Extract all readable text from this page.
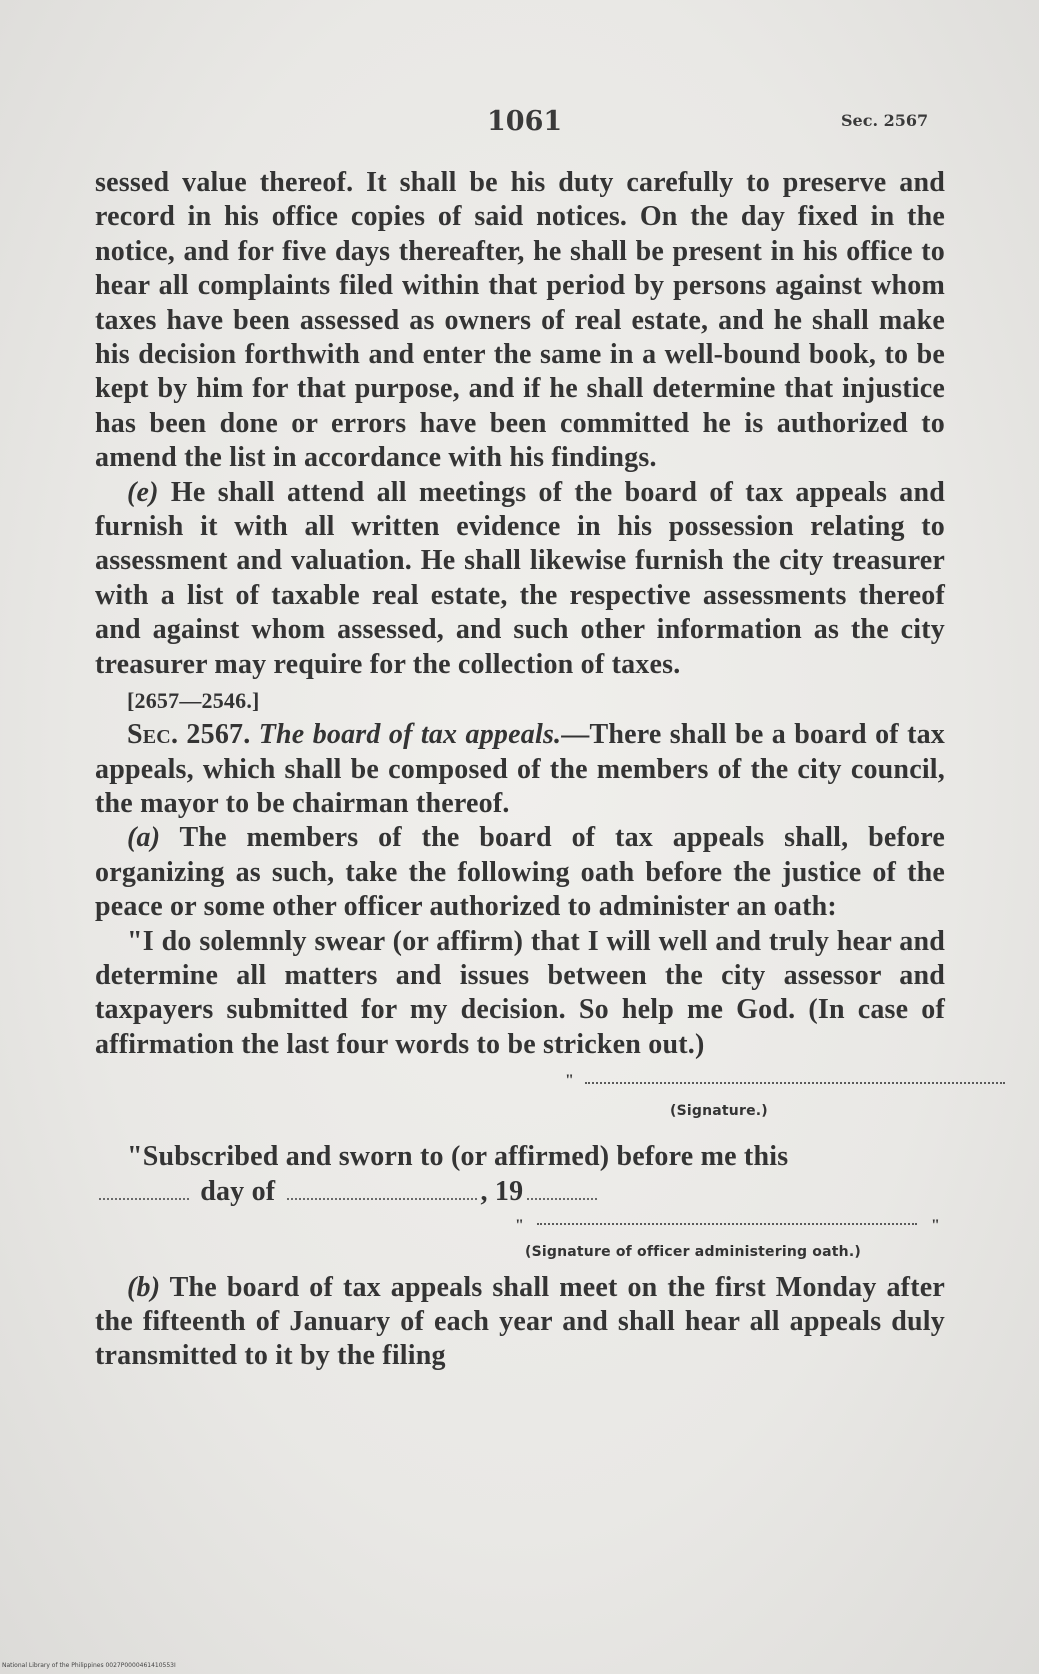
1061	Sec. 2567

sessed value thereof. It shall be his duty carefully to preserve and record in his office copies of said notices. On the day fixed in the notice, and for five days thereafter, he shall be present in his office to hear all complaints filed within that period by persons against whom taxes have been assessed as owners of real estate, and he shall make his decision forthwith and enter the same in a well-bound book, to be kept by him for that purpose, and if he shall determine that injustice has been done or errors have been committed he is authorized to amend the list in accordance with his findings.

(e) He shall attend all meetings of the board of tax appeals and furnish it with all written evidence in his possession relating to assessment and valuation. He shall likewise furnish the city treasurer with a list of taxable real estate, the respective assessments thereof and against whom assessed, and such other information as the city treasurer may require for the collection of taxes.

[2657—2546.]

Sec. 2567. The board of tax appeals.—There shall be a board of tax appeals, which shall be composed of the members of the city council, the mayor to be chairman thereof.

(a) The members of the board of tax appeals shall, before organizing as such, take the following oath before the justice of the peace or some other officer authorized to administer an oath:

"I do solemnly swear (or affirm) that I will well and truly hear and determine all matters and issues between the city assessor and taxpayers submitted for my decision. So help me God. (In case of affirmation the last four words to be stricken out.)

"
(Signature.)

"Subscribed and sworn to (or affirmed) before me this

day of	, 19
"	"
(Signature of officer administering oath.)

(b) The board of tax appeals shall meet on the first Monday after the fifteenth of January of each year and shall hear all appeals duly transmitted to it by the filing

National Library of the Philippines 0027P0000461410553I
